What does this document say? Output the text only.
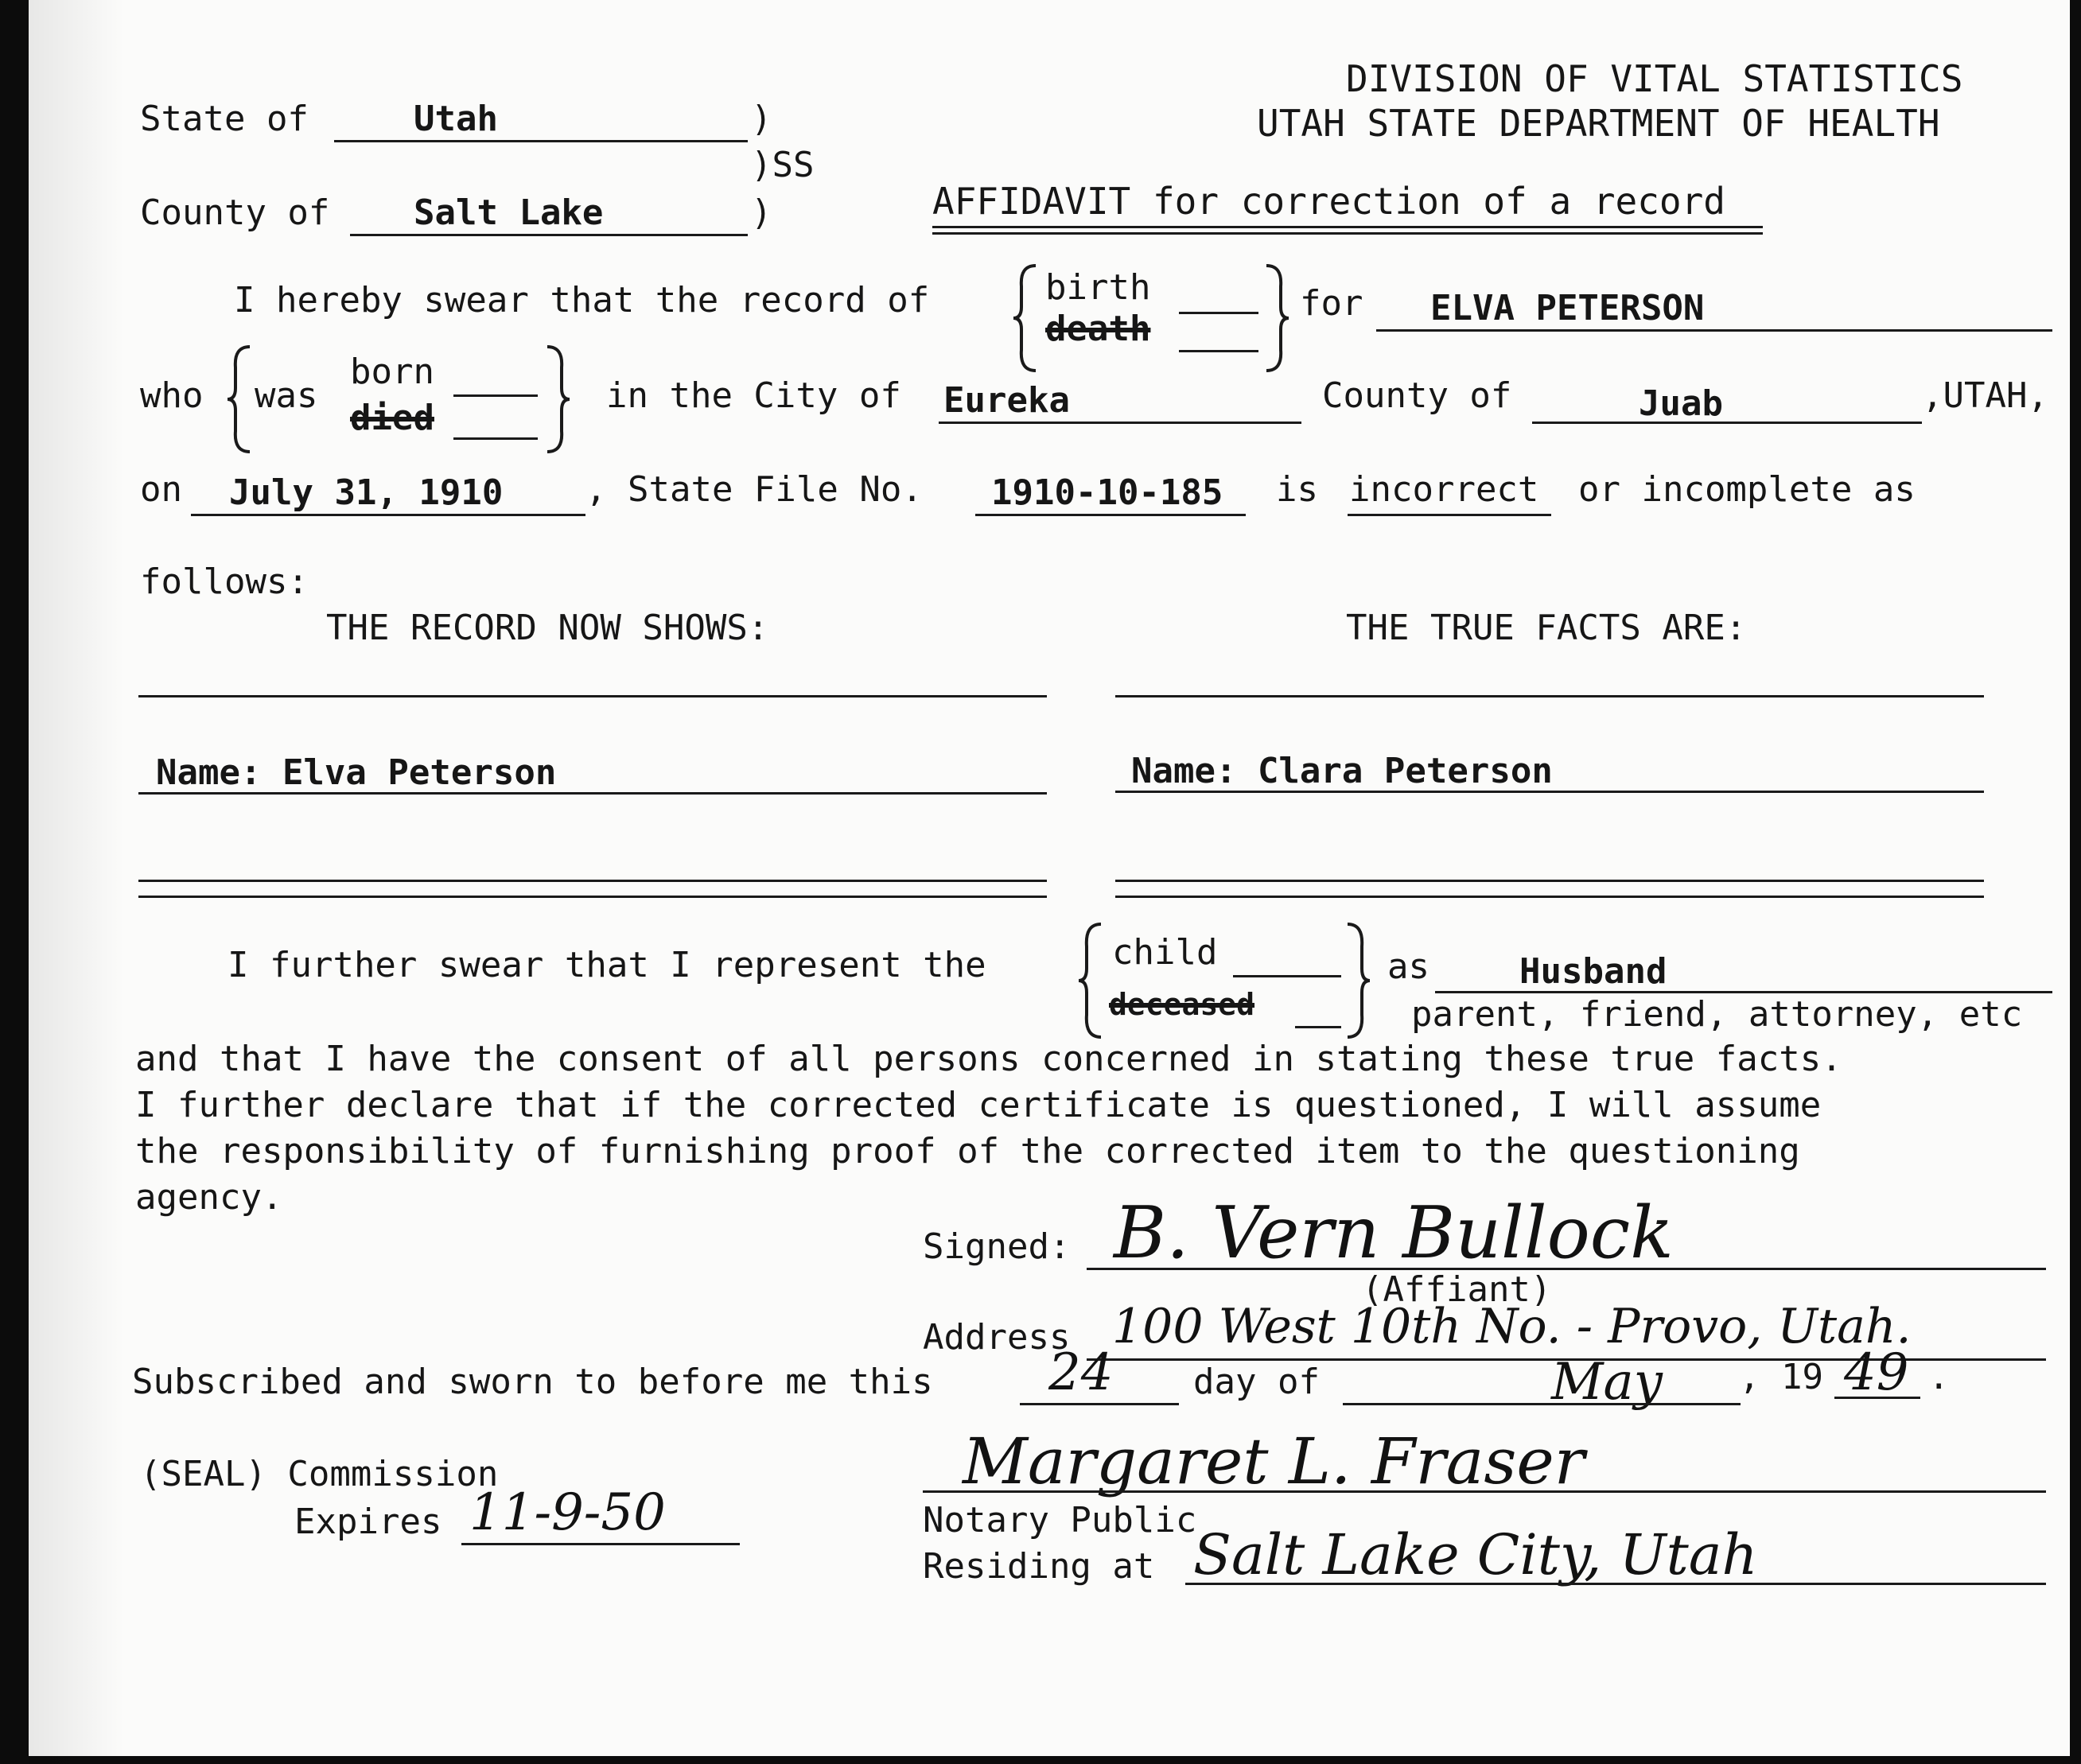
DIVISION OF VITAL STATISTICS
UTAH STATE DEPARTMENT OF HEALTH
AFFIDAVIT for correction of a record
State of	Utah	)
)SS
County of Salt Lake	)
I hereby swear that the record of	birth
death
for ELVA PETERSON
who was
born
died
in the City of Eureka	County of	Juab	,UTAH,
on July 31, 1910 , State File No. 1910-10-185 is incorrect or incomplete as
follows:
THE RECORD NOW SHOWS:	THE TRUE FACTS ARE:
Name: Elva Peterson	Name: Clara Peterson
I further swear that I represent the	child
deceased
as	Husband
parent, friend, attorney, etc
and that I have the consent of all persons concerned in stating these true facts.
I further declare that if the corrected certificate is questioned, I will assume
the responsibility of furnishing proof of the corrected item to the questioning
agency.
Signed: B. Vern Bullock
(Affiant)
Address 100 West 10th No. - Provo, Utah.
Subscribed and sworn to before me this 24 day of	May , 19 49 .
(SEAL) Commission
Expires 11-9-50
Margaret L. Fraser
Notary Public
Residing at Salt Lake City, Utah
